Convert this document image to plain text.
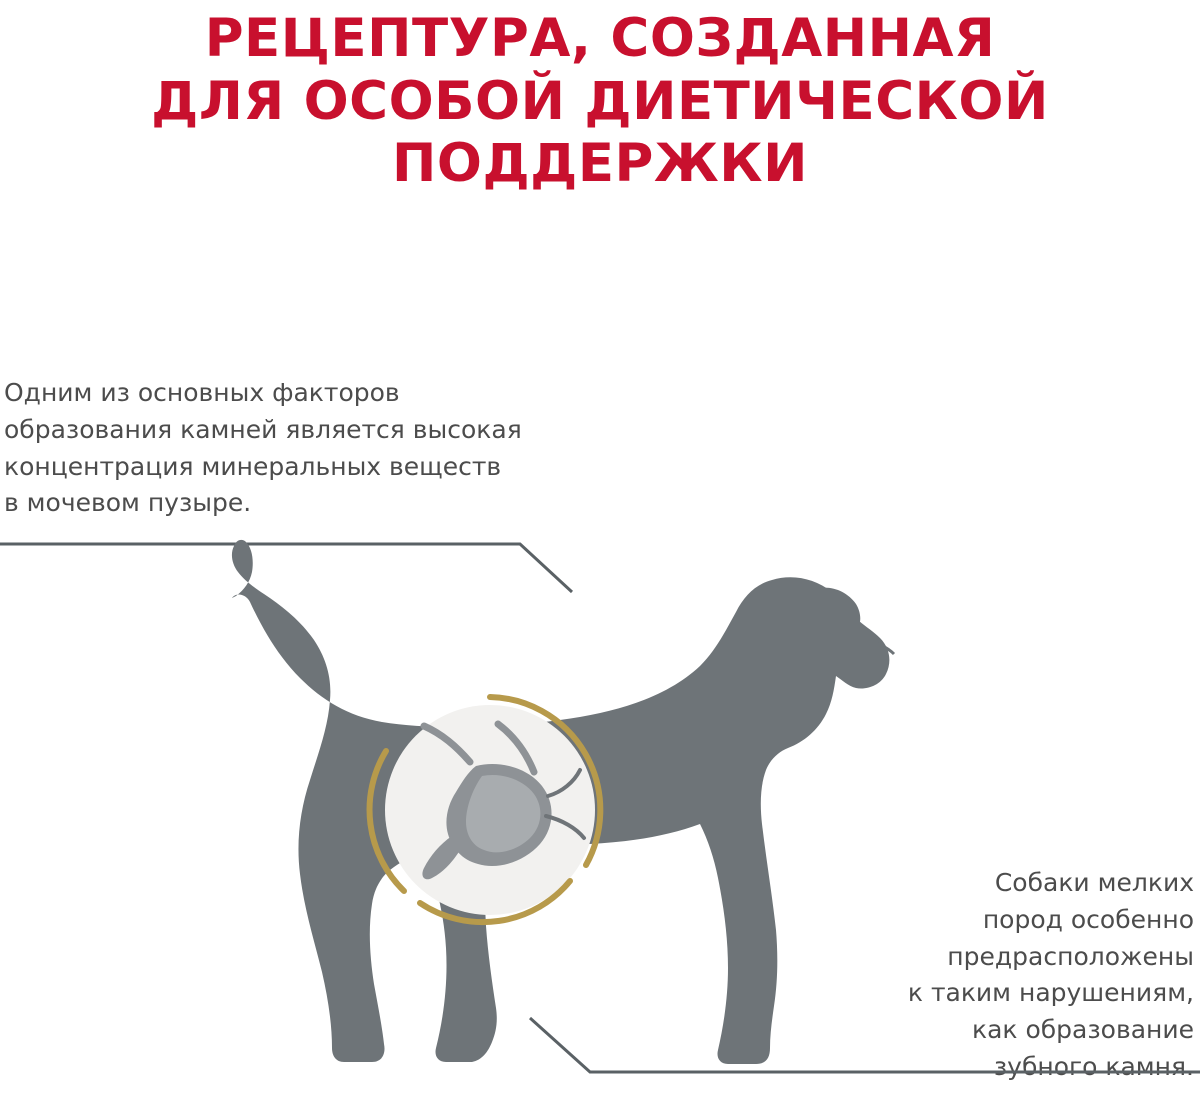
РЕЦЕПТУРА, СОЗДАННАЯ
ДЛЯ ОСОБОЙ ДИЕТИЧЕСКОЙ
ПОДДЕРЖКИ
Одним из основных факторов
образования камней является высокая
концентрация минеральных веществ
в мочевом пузыре.
Собаки мелких
пород особенно
предрасположены
к таким нарушениям,
как образование
зубного камня.
